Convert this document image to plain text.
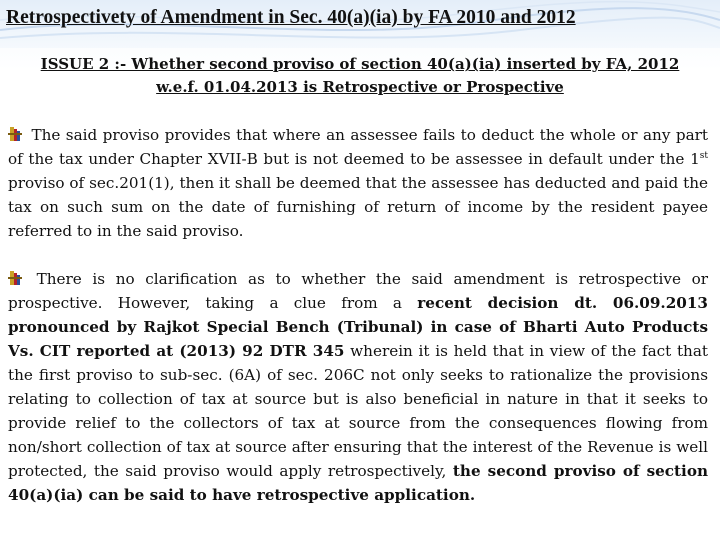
Retrospectivety of Amendment in Sec. 40(a)(ia) by FA 2010 and 2012
ISSUE 2 :- Whether second proviso of section 40(a)(ia) inserted by FA, 2012
w.e.f. 01.04.2013 is Retrospective or Prospective
The said proviso provides that where an assessee fails to deduct the whole or any part of the tax under Chapter XVII-B but is not deemed to be assessee in default under the 1st proviso of sec.201(1), then it shall be deemed that the assessee has deducted and paid the tax on such sum on the date of furnishing of return of income by the resident payee referred to in the said proviso.
There is no clarification as to whether the said amendment is retrospective or prospective. However, taking a clue from a recent decision dt. 06.09.2013 pronounced by Rajkot Special Bench (Tribunal) in case of Bharti Auto Products Vs. CIT reported at (2013) 92 DTR 345 wherein it is held that in view of the fact that the first proviso to sub-sec. (6A) of sec. 206C not only seeks to rationalize the provisions relating to collection of tax at source but is also beneficial in nature in that it seeks to provide relief to the collectors of tax at source from the consequences flowing from non/short collection of tax at source after ensuring that the interest of the Revenue is well protected, the said proviso would apply retrospectively, the second proviso of section 40(a)(ia) can be said to have retrospective application.
